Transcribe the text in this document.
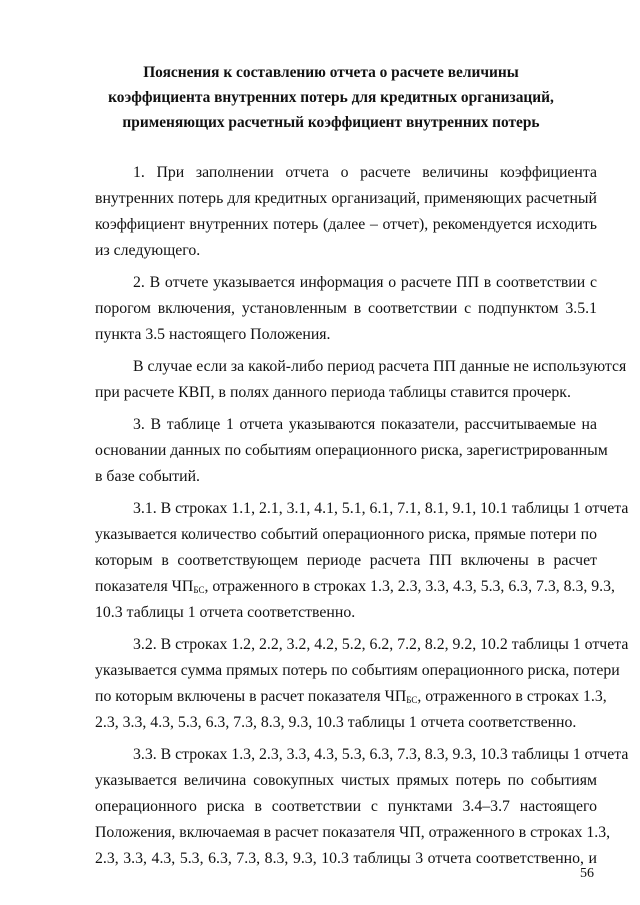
Пояснения к составлению отчета о расчете величины
коэффициента внутренних потерь для кредитных организаций,
применяющих расчетный коэффициент внутренних потерь
1. При заполнении отчета о расчете величины коэффициента
внутренних потерь для кредитных организаций, применяющих расчетный
коэффициент внутренних потерь (далее – отчет), рекомендуется исходить
из следующего.
2. В отчете указывается информация о расчете ПП в соответствии с
порогом включения, установленным в соответствии с подпунктом 3.5.1
пункта 3.5 настоящего Положения.
В случае если за какой-либо период расчета ПП данные не используются
при расчете КВП, в полях данного периода таблицы ставится прочерк.
3. В таблице 1 отчета указываются показатели, рассчитываемые на
основании данных по событиям операционного риска, зарегистрированным
в базе событий.
3.1. В строках 1.1, 2.1, 3.1, 4.1, 5.1, 6.1, 7.1, 8.1, 9.1, 10.1 таблицы 1 отчета
указывается количество событий операционного риска, прямые потери по
которым в соответствующем периоде расчета ПП включены в расчет
показателя $ЧП_{БС}$, отраженного в строках 1.3, 2.3, 3.3, 4.3, 5.3, 6.3, 7.3, 8.3, 9.3,
10.3 таблицы 1 отчета соответственно.
3.2. В строках 1.2, 2.2, 3.2, 4.2, 5.2, 6.2, 7.2, 8.2, 9.2, 10.2 таблицы 1 отчета
указывается сумма прямых потерь по событиям операционного риска, потери
по которым включены в расчет показателя $ЧП_{БС}$, отраженного в строках 1.3,
2.3, 3.3, 4.3, 5.3, 6.3, 7.3, 8.3, 9.3, 10.3 таблицы 1 отчета соответственно.
3.3. В строках 1.3, 2.3, 3.3, 4.3, 5.3, 6.3, 7.3, 8.3, 9.3, 10.3 таблицы 1 отчета
указывается величина совокупных чистых прямых потерь по событиям
операционного риска в соответствии с пунктами 3.4–3.7 настоящего
Положения, включаемая в расчет показателя ЧП, отраженного в строках 1.3,
2.3, 3.3, 4.3, 5.3, 6.3, 7.3, 8.3, 9.3, 10.3 таблицы 3 отчета соответственно, и
56
